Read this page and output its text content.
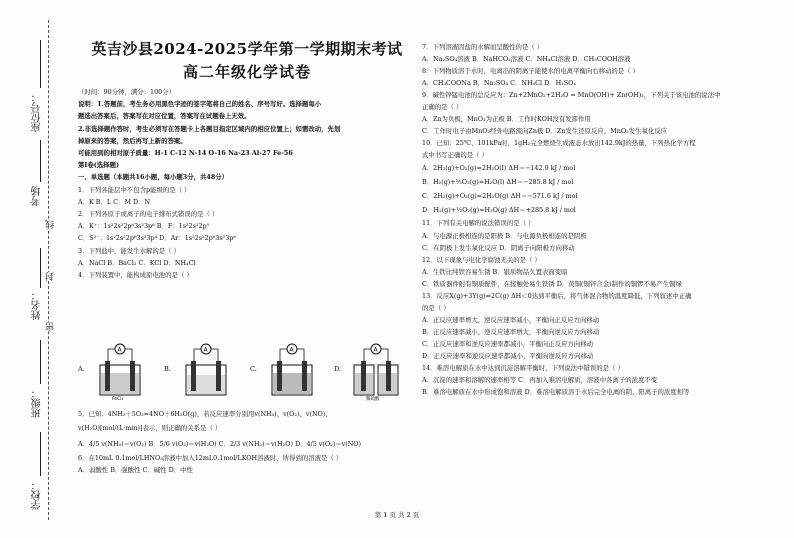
座位号：
考场
姓名：
班级：
学校：
线
封
密
英吉沙县2024-2025学年第一学期期末考试
高二年级化学试卷

（时间：90分钟，满分：100分）

说明：1.答题前，考生务必用黑色字迹的签字笔将自己的姓名、序号写好。选择题每小

题选出答案后，答案写在对应位置，答案写在试题卷上无效。

2.非选择题作答时，考生必须写在答题卡上各题目指定区域内的相应位置上；如需改动，先划

掉原来的答案，然后再写上新的答案。

可能用到的相对原子质量：H-1 C-12 N-14 O-16 Na-23 Al-27 Fe-56

第Ⅰ卷(选择题)

一、单选题（本题共16小题，每小题3分，共48分）

1．下列各能层中不包含p能级的是（ ）

A．K B．L C．M D．N

2．下列各原子或离子的电子排布式错误的是（ ）

A．K⁺：1s²2s²2p⁶3s²3p⁶ B．F：1s²2s²2p⁵

C．S²⁻：1s²2s²2p⁶3s²3p⁴ D．Ar：1s²2s²2p⁶3s²3p⁶

3．下列盐中，能发生水解的是（ ）

A．NaCl B．BaCl₂ C．KCl D．NH₄Cl

4．下列装置中，能构成原电池的是（ ）

A.
A
FeCl₃
B.
A
C.
A
D.
A
稀硫酸

5．已知：4NH₃＋5O₂=4NO＋6H₂O(g)，若反应速率分别用v(NH₃)、v(O₂)、v(NO)、

v(H₂O)[mol/(L·min)]表示，则正确的关系是（ ）

A．4/5 v(NH₃)＝v(O₂) B．5/6 v(O₂)＝v(H₂O) C．2/3 v(NH₃)＝v(H₂O) D．4/5 v(O₂)＝v(NO)

6．在10mL 0.1mol/LHNO₃溶液中加入12mL0.1mol/LKOH溶液时，所得到的溶液是（ ）

A．弱酸性 B．强酸性 C．碱性 D．中性

7．下列溶液因盐的水解而呈酸性的是（ ）

A．Na₂SO₄溶液 B．NaHCO₃溶液 C．NH₄Cl溶液 D．CH₃COOH溶液

8．下列物质溶于水时，电离出的阴离子能使水的电离平衡向右移动的是（ ）

A．CH₃COONa B．Na₂SO₄ C．NH₄Cl D．H₂SO₄

9．碱性锌锰电池的总反应为：Zn+2MnO₂+2H₂O = MnO(OH)+ Zn(OH)₂，下列关于该电池的说法中

正确的是（ ）

A．Zn为负极，MnO₂为正极 B．工作时KOH没有发挥作用

C．工作时电子由MnO₂经外电路流向Zn极 D．Zn发生还原反应，MnO₂发生氧化反应

10．已知：25℃、101kPa时，1gH₂完全燃烧生成液态水放出142.9kJ的热量，下列热化学方程

式中书写正确的是（ ）

A．2H₂(g)+O₂(g)=2H₂O(l) ΔH＝−142.9 kJ / mol

B．H₂(g)+½O₂(g)=H₂O(l) ΔH＝−285.8 kJ / mol

C．2H₂(g)+O₂(g)=2H₂O(g) ΔH＝−571.6 kJ / mol

D．H₂(g)+½O₂(g)=H₂O(g) ΔH＝+285.8 kJ / mol

11．下列有关电解的说法错误的是（ ）

A．与电源正极相连的是阳极 B．与电源负极相连的是阴极

C．在阴极上发生氧化反应 D．阴离子向阳极方向移动

12．以下现象与电化学腐蚀无关的是（ ）

A．生铁比纯铁容易生锈 B．银质物品久置表面变暗

C．铁质器件附有铜质配件，在接触处易生铁锈 D．黄铜(铜锌合金)制作的铜锣不易产生铜绿

13．反应X(g)+3Y(g)⇌2C(g) ΔH＜0达到平衡后，将气体混合物的温度降低，下列叙述中正确

的是（ ）

A．正反应速率增大，逆反应速率减小，平衡向正反应方向移动

B．正反应速率减小，逆反应速率增大，平衡向逆反应方向移动

C．正反应速率和逆反应速率都减小，平衡向正反应方向移动

D．正反应速率和逆反应速率都减小，平衡向逆反应方向移动

14．难溶电解质在水中达到沉淀溶解平衡时，下列说法中错误的是（ ）

A．沉淀的速率和溶解的速率相等 C．再加入难溶电解质，溶液中各离子的浓度不变

B．难溶电解质在水中形成饱和溶液 D．难溶电解质溶于水后完全电离的阴、阳离子的浓度相等

第 1 页 共 2 页
